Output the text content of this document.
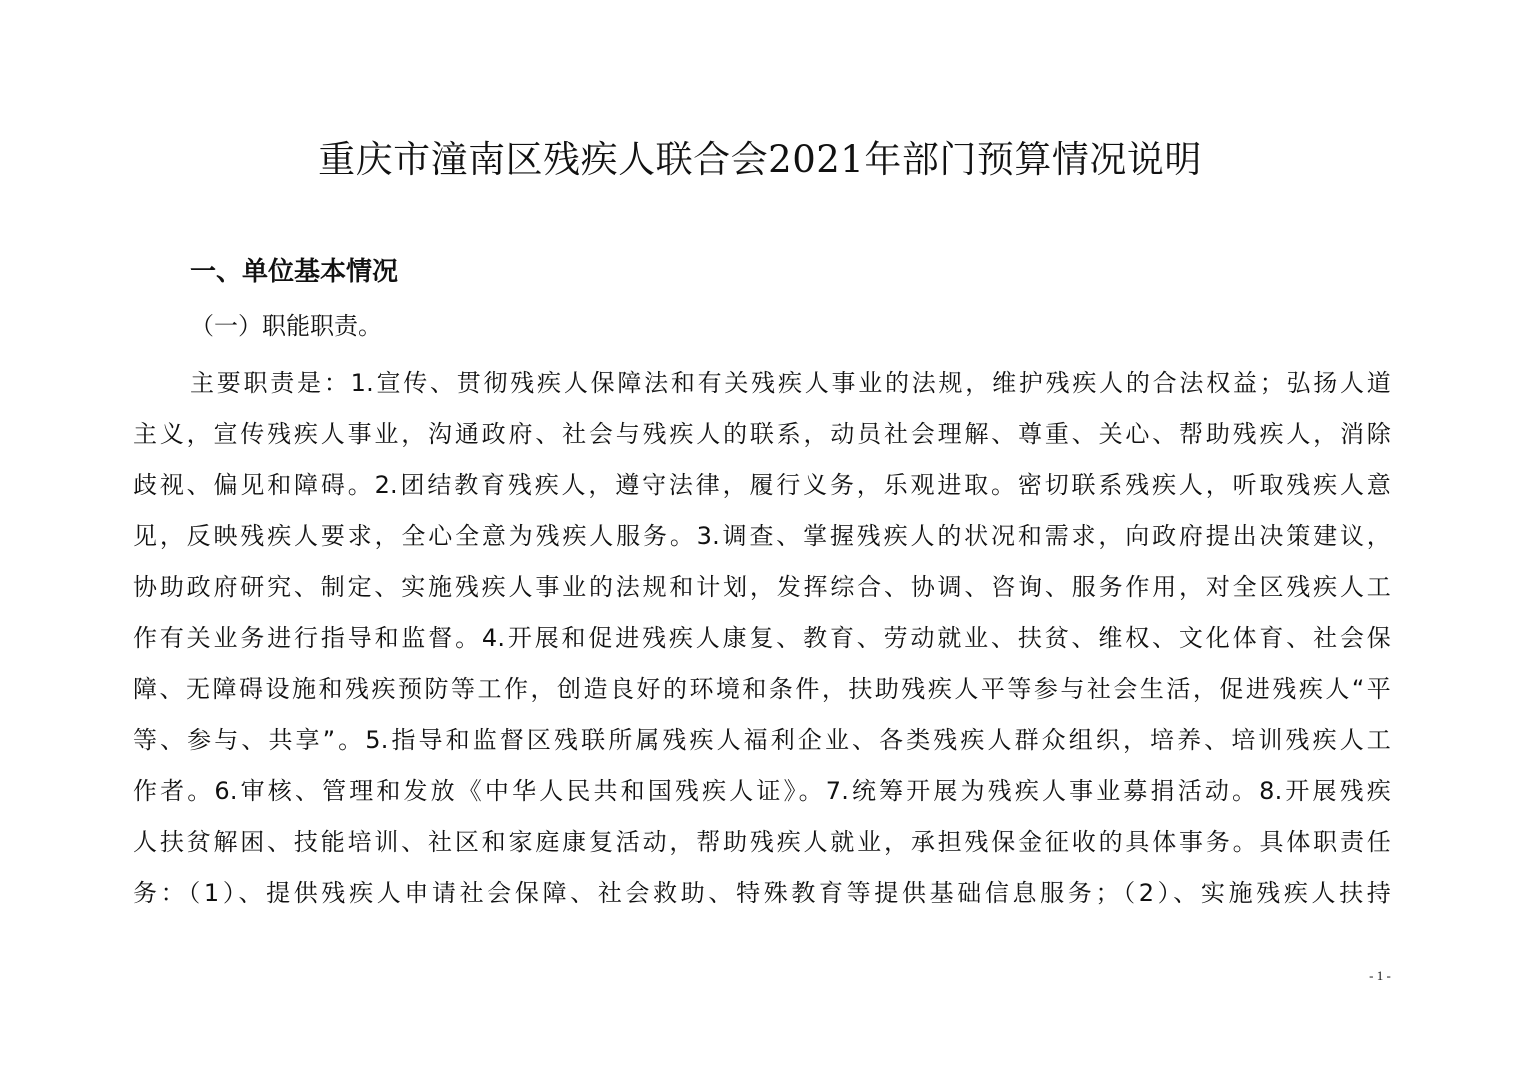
重庆市潼南区残疾人联合会2021年部门预算情况说明
一、单位基本情况
（一）职能职责。
主要职责是：1.宣传、贯彻残疾人保障法和有关残疾人事业的法规，维护残疾人的合法权益；弘扬人道
主义，宣传残疾人事业，沟通政府、社会与残疾人的联系，动员社会理解、尊重、关心、帮助残疾人，消除
歧视、偏见和障碍。2.团结教育残疾人，遵守法律，履行义务，乐观进取。密切联系残疾人，听取残疾人意
见，反映残疾人要求，全心全意为残疾人服务。3.调查、掌握残疾人的状况和需求，向政府提出决策建议，
协助政府研究、制定、实施残疾人事业的法规和计划，发挥综合、协调、咨询、服务作用，对全区残疾人工
作有关业务进行指导和监督。4.开展和促进残疾人康复、教育、劳动就业、扶贫、维权、文化体育、社会保
障、无障碍设施和残疾预防等工作，创造良好的环境和条件，扶助残疾人平等参与社会生活，促进残疾人“平
等、参与、共享”。5.指导和监督区残联所属残疾人福利企业、各类残疾人群众组织，培养、培训残疾人工
作者。6.审核、管理和发放《中华人民共和国残疾人证》。7.统筹开展为残疾人事业募捐活动。8.开展残疾
人扶贫解困、技能培训、社区和家庭康复活动，帮助残疾人就业，承担残保金征收的具体事务。具体职责任
务：（1）、提供残疾人申请社会保障、社会救助、特殊教育等提供基础信息服务；（2）、实施残疾人扶持
- 1 -
